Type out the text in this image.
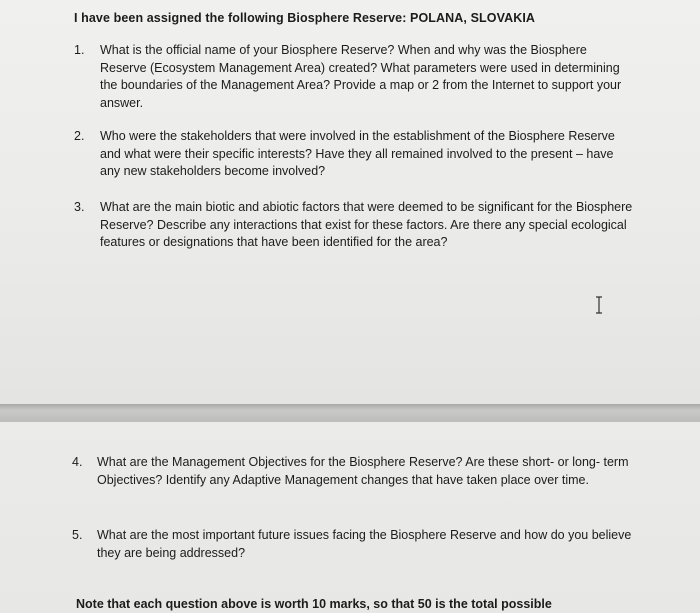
I have been assigned the following Biosphere Reserve: POLANA, SLOVAKIA
1. What is the official name of your Biosphere Reserve? When and why was the Biosphere Reserve (Ecosystem Management Area) created? What parameters were used in determining the boundaries of the Management Area? Provide a map or 2 from the Internet to support your answer.
2. Who were the stakeholders that were involved in the establishment of the Biosphere Reserve and what were their specific interests? Have they all remained involved to the present – have any new stakeholders become involved?
3. What are the main biotic and abiotic factors that were deemed to be significant for the Biosphere Reserve? Describe any interactions that exist for these factors. Are there any special ecological features or designations that have been identified for the area?
4. What are the Management Objectives for the Biosphere Reserve? Are these short- or long- term Objectives? Identify any Adaptive Management changes that have taken place over time.
5. What are the most important future issues facing the Biosphere Reserve and how do you believe they are being addressed?
Note that each question above is worth 10 marks, so that 50 is the total possible
